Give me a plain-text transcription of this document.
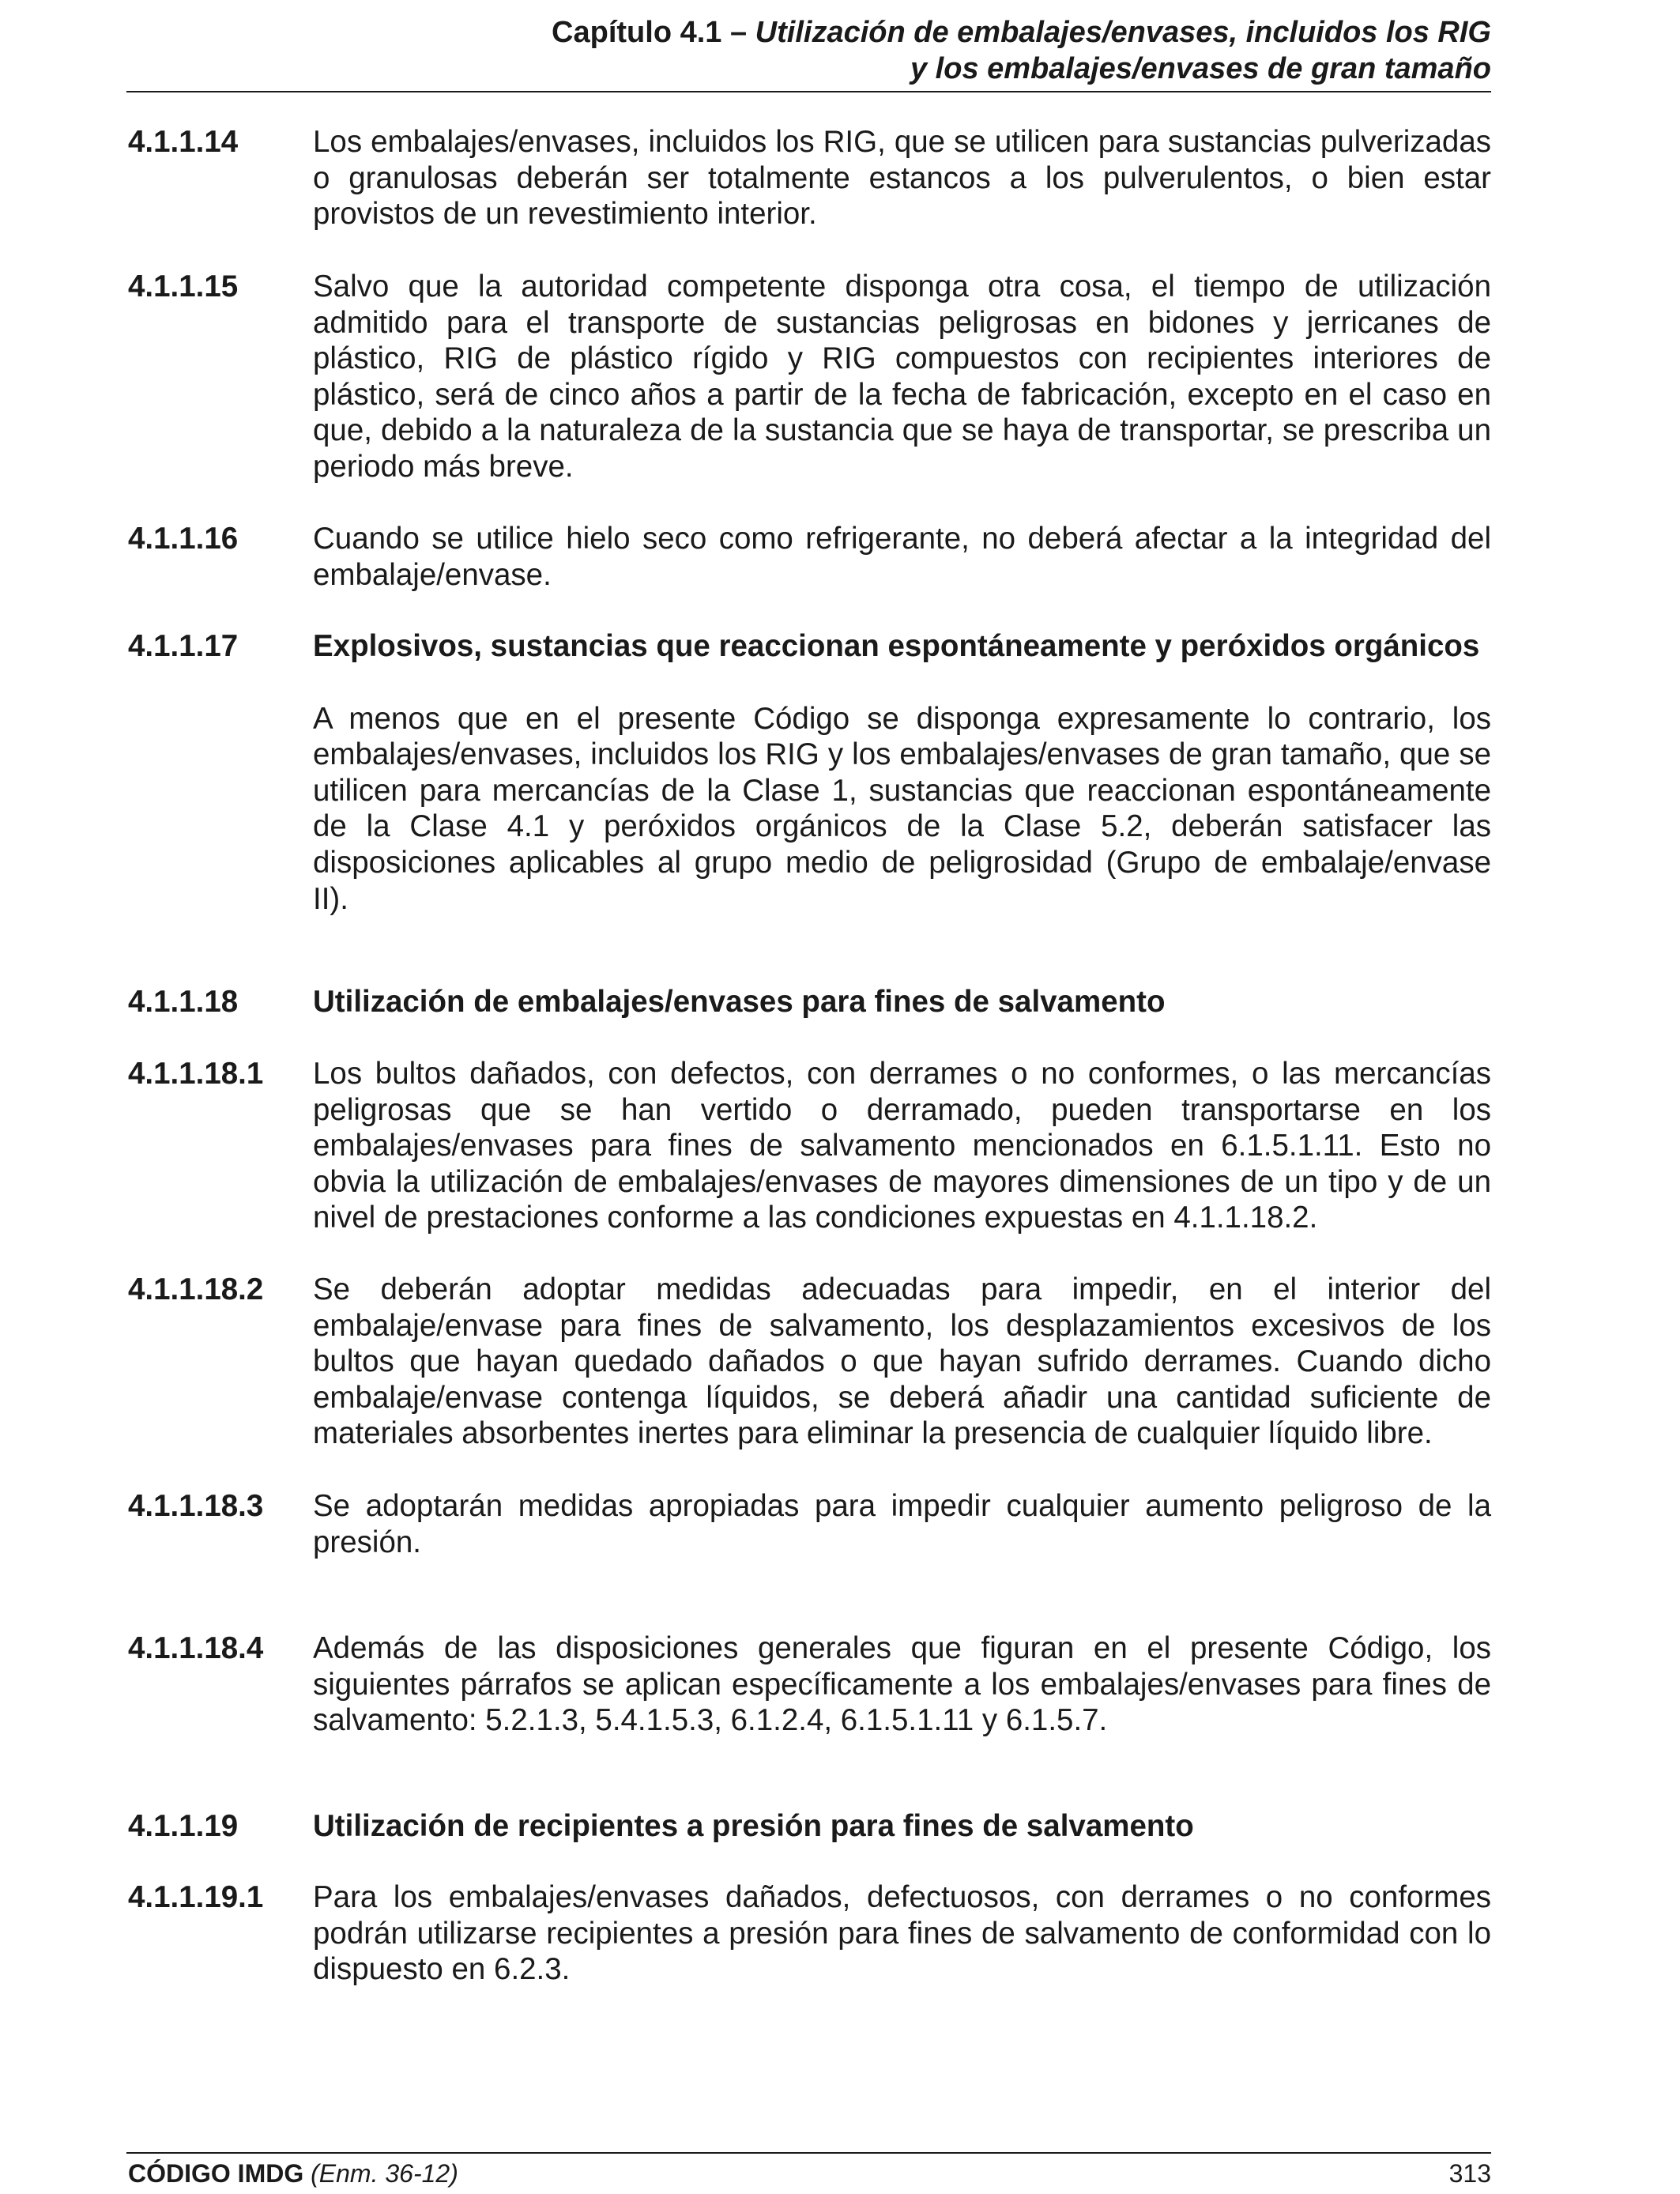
Capítulo 4.1 – Utilización de embalajes/envases, incluidos los RIG
y los embalajes/envases de gran tamaño
4.1.1.14 Los embalajes/envases, incluidos los RIG, que se utilicen para sustancias pulverizadas o granulosas deberán ser totalmente estancos a los pulverulentos, o bien estar provistos de un revestimiento interior.
4.1.1.15 Salvo que la autoridad competente disponga otra cosa, el tiempo de utilización admitido para el transporte de sustancias peligrosas en bidones y jerricanes de plástico, RIG de plástico rígido y RIG compuestos con recipientes interiores de plástico, será de cinco años a partir de la fecha de fabricación, excepto en el caso en que, debido a la naturaleza de la sustancia que se haya de transportar, se prescriba un periodo más breve.
4.1.1.16 Cuando se utilice hielo seco como refrigerante, no deberá afectar a la integridad del embalaje/envase.
4.1.1.17 Explosivos, sustancias que reaccionan espontáneamente y peróxidos orgánicos
A menos que en el presente Código se disponga expresamente lo contrario, los embalajes/envases, incluidos los RIG y los embalajes/envases de gran tamaño, que se utilicen para mercancías de la Clase 1, sustancias que reaccionan espontáneamente de la Clase 4.1 y peróxidos orgánicos de la Clase 5.2, deberán satisfacer las disposiciones aplicables al grupo medio de peligrosidad (Grupo de embalaje/envase II).
4.1.1.18 Utilización de embalajes/envases para fines de salvamento
4.1.1.18.1 Los bultos dañados, con defectos, con derrames o no conformes, o las mercancías peligrosas que se han vertido o derramado, pueden transportarse en los embalajes/envases para fines de salvamento mencionados en 6.1.5.1.11. Esto no obvia la utilización de embalajes/envases de mayores dimensiones de un tipo y de un nivel de prestaciones conforme a las condiciones expuestas en 4.1.1.18.2.
4.1.1.18.2 Se deberán adoptar medidas adecuadas para impedir, en el interior del embalaje/envase para fines de salvamento, los desplazamientos excesivos de los bultos que hayan quedado dañados o que hayan sufrido derrames. Cuando dicho embalaje/envase contenga líquidos, se deberá añadir una cantidad suficiente de materiales absorbentes inertes para eliminar la presencia de cualquier líquido libre.
4.1.1.18.3 Se adoptarán medidas apropiadas para impedir cualquier aumento peligroso de la presión.
4.1.1.18.4 Además de las disposiciones generales que figuran en el presente Código, los siguientes párrafos se aplican específicamente a los embalajes/envases para fines de salvamento: 5.2.1.3, 5.4.1.5.3, 6.1.2.4, 6.1.5.1.11 y 6.1.5.7.
4.1.1.19 Utilización de recipientes a presión para fines de salvamento
4.1.1.19.1 Para los embalajes/envases dañados, defectuosos, con derrames o no conformes podrán utilizarse recipientes a presión para fines de salvamento de conformidad con lo dispuesto en 6.2.3.
CÓDIGO IMDG (Enm. 36-12)	313
